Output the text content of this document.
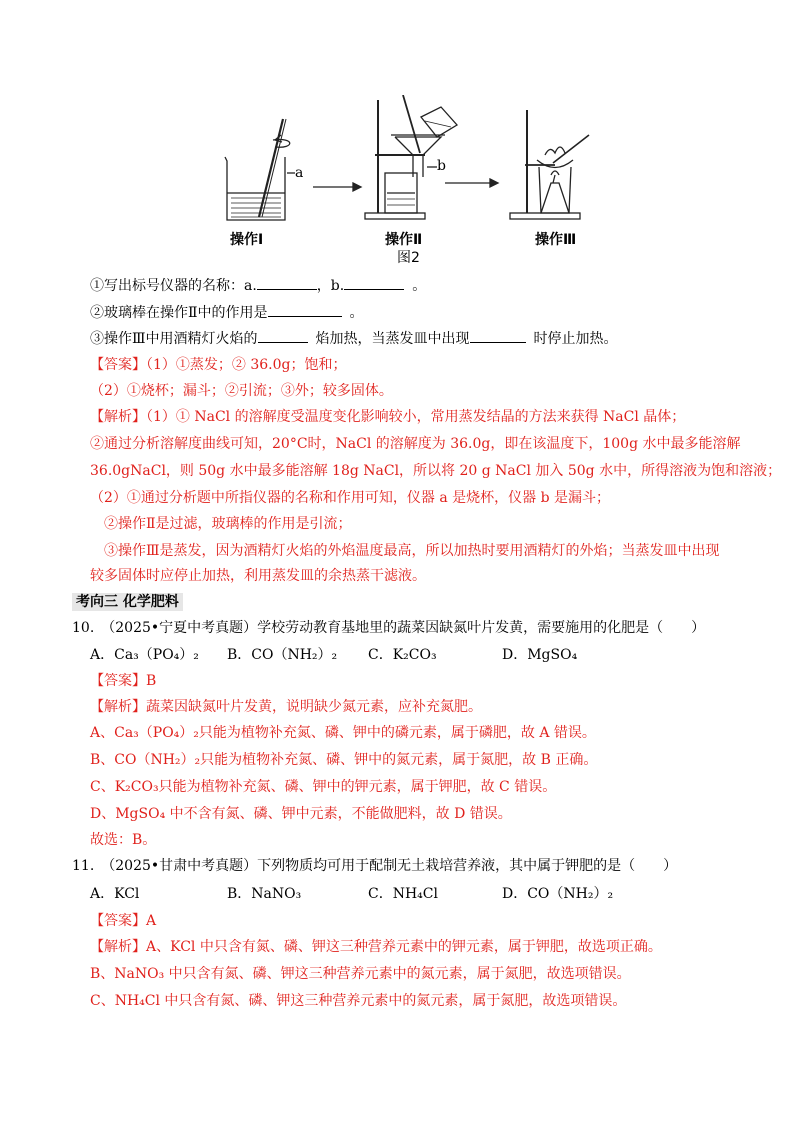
a	b
操作Ⅰ	操作Ⅱ	操作Ⅲ
图2
①写出标号仪器的名称：a.	，b.	。
②玻璃棒在操作Ⅱ中的作用是	。
③操作Ⅲ中用酒精灯火焰的	焰加热，当蒸发皿中出现	时停止加热。
【答案】（1）①蒸发；② 36.0g；饱和；
（2）①烧杯；漏斗；②引流；③外；较多固体。
【解析】（1）① NaCl 的溶解度受温度变化影响较小，常用蒸发结晶的方法来获得 NaCl 晶体；
②通过分析溶解度曲线可知，20°C时，NaCl 的溶解度为 36.0g，即在该温度下，100g 水中最多能溶解
36.0gNaCl，则 50g 水中最多能溶解 18g NaCl，所以将 20 g NaCl 加入 50g 水中，所得溶液为饱和溶液；
（2）①通过分析题中所指仪器的名称和作用可知，仪器 a 是烧杯，仪器 b 是漏斗；
②操作Ⅱ是过滤，玻璃棒的作用是引流；
③操作Ⅲ是蒸发，因为酒精灯火焰的外焰温度最高，所以加热时要用酒精灯的外焰；当蒸发皿中出现
较多固体时应停止加热，利用蒸发皿的余热蒸干滤液。
考向三 化学肥料
10.　（2025•宁夏中考真题）学校劳动教育基地里的蔬菜因缺氮叶片发黄，需要施用的化肥是（　　）
A．Ca₃（PO₄）₂ B．CO（NH₂）₂ C．K₂CO₃	D．MgSO₄
【答案】B
【解析】蔬菜因缺氮叶片发黄，说明缺少氮元素，应补充氮肥。
A、Ca₃（PO₄）₂只能为植物补充氮、磷、钾中的磷元素，属于磷肥，故 A 错误。
B、CO（NH₂）₂只能为植物补充氮、磷、钾中的氮元素，属于氮肥，故 B 正确。
C、K₂CO₃只能为植物补充氮、磷、钾中的钾元素，属于钾肥，故 C 错误。
D、MgSO₄ 中不含有氮、磷、钾中元素，不能做肥料，故 D 错误。
故选：B。
11.　（2025•甘肃中考真题）下列物质均可用于配制无土栽培营养液，其中属于钾肥的是（　　）
A．KCl	B．NaNO₃	C．NH₄Cl	D．CO（NH₂）₂
【答案】A
【解析】A、KCl 中只含有氮、磷、钾这三种营养元素中的钾元素，属于钾肥，故选项正确。
B、NaNO₃ 中只含有氮、磷、钾这三种营养元素中的氮元素，属于氮肥，故选项错误。
C、NH₄Cl 中只含有氮、磷、钾这三种营养元素中的氮元素，属于氮肥，故选项错误。
